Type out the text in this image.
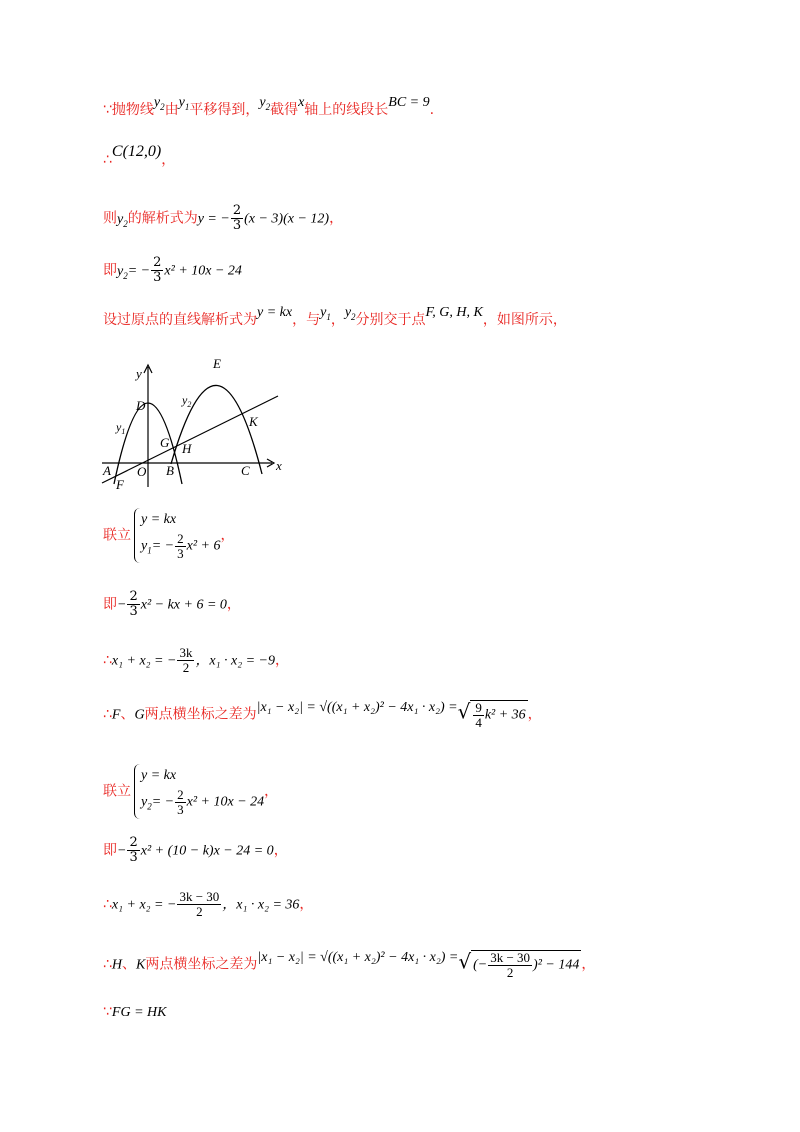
∵抛物线$y_2$由$y_1$平移得到，$y_2$截得x轴上的线段长BC = 9.
∴C(12,0)，
则$y_2$的解析式为y = − $\frac{2}{3} (x - 3)(x - 12)$，
即$y_2= - \frac{2}{3} x^2 + 10x - 24$
设过原点的直线解析式为y = kx，与$y_1$，$y_2$分别交于点F, G, H, K，如图所示，
y
x
D
E
$y_1$
$y_2$
K
G H
A O B	C
F
联立
y = kx
$y_1= - \frac{2}{3} x^2 + 6$
，
即− $\frac{2}{3} x^2$ − kx + 6 = 0，
∴x₁ + x₂ = − $\frac{3k}{2}$ ，x₁ · x₂ = −9，
∴F、G两点横坐标之差为|x₁ − x₂| = √((x₁ + x₂)² − 4x₁ · x₂) =√ $\frac{9}{4} k^2 + 36$ ，
联立
y = kx
$y_2= - \frac{2}{3} x^2 + 10x - 24$
，
即− $\frac{2}{3} x^2 + (10 - k)x - 24 = 0$，
∴x₁ + x₂ = − $\frac{3k - 30}{2}$ ，x₁ · x₂ = 36，
∴H、K两点横坐标之差为|x₁ − x₂| = √((x₁ + x₂)² − 4x₁ · x₂) =√ (− $\frac{3k - 30}{2} )^2 - 144$ ，
∵FG = HK
